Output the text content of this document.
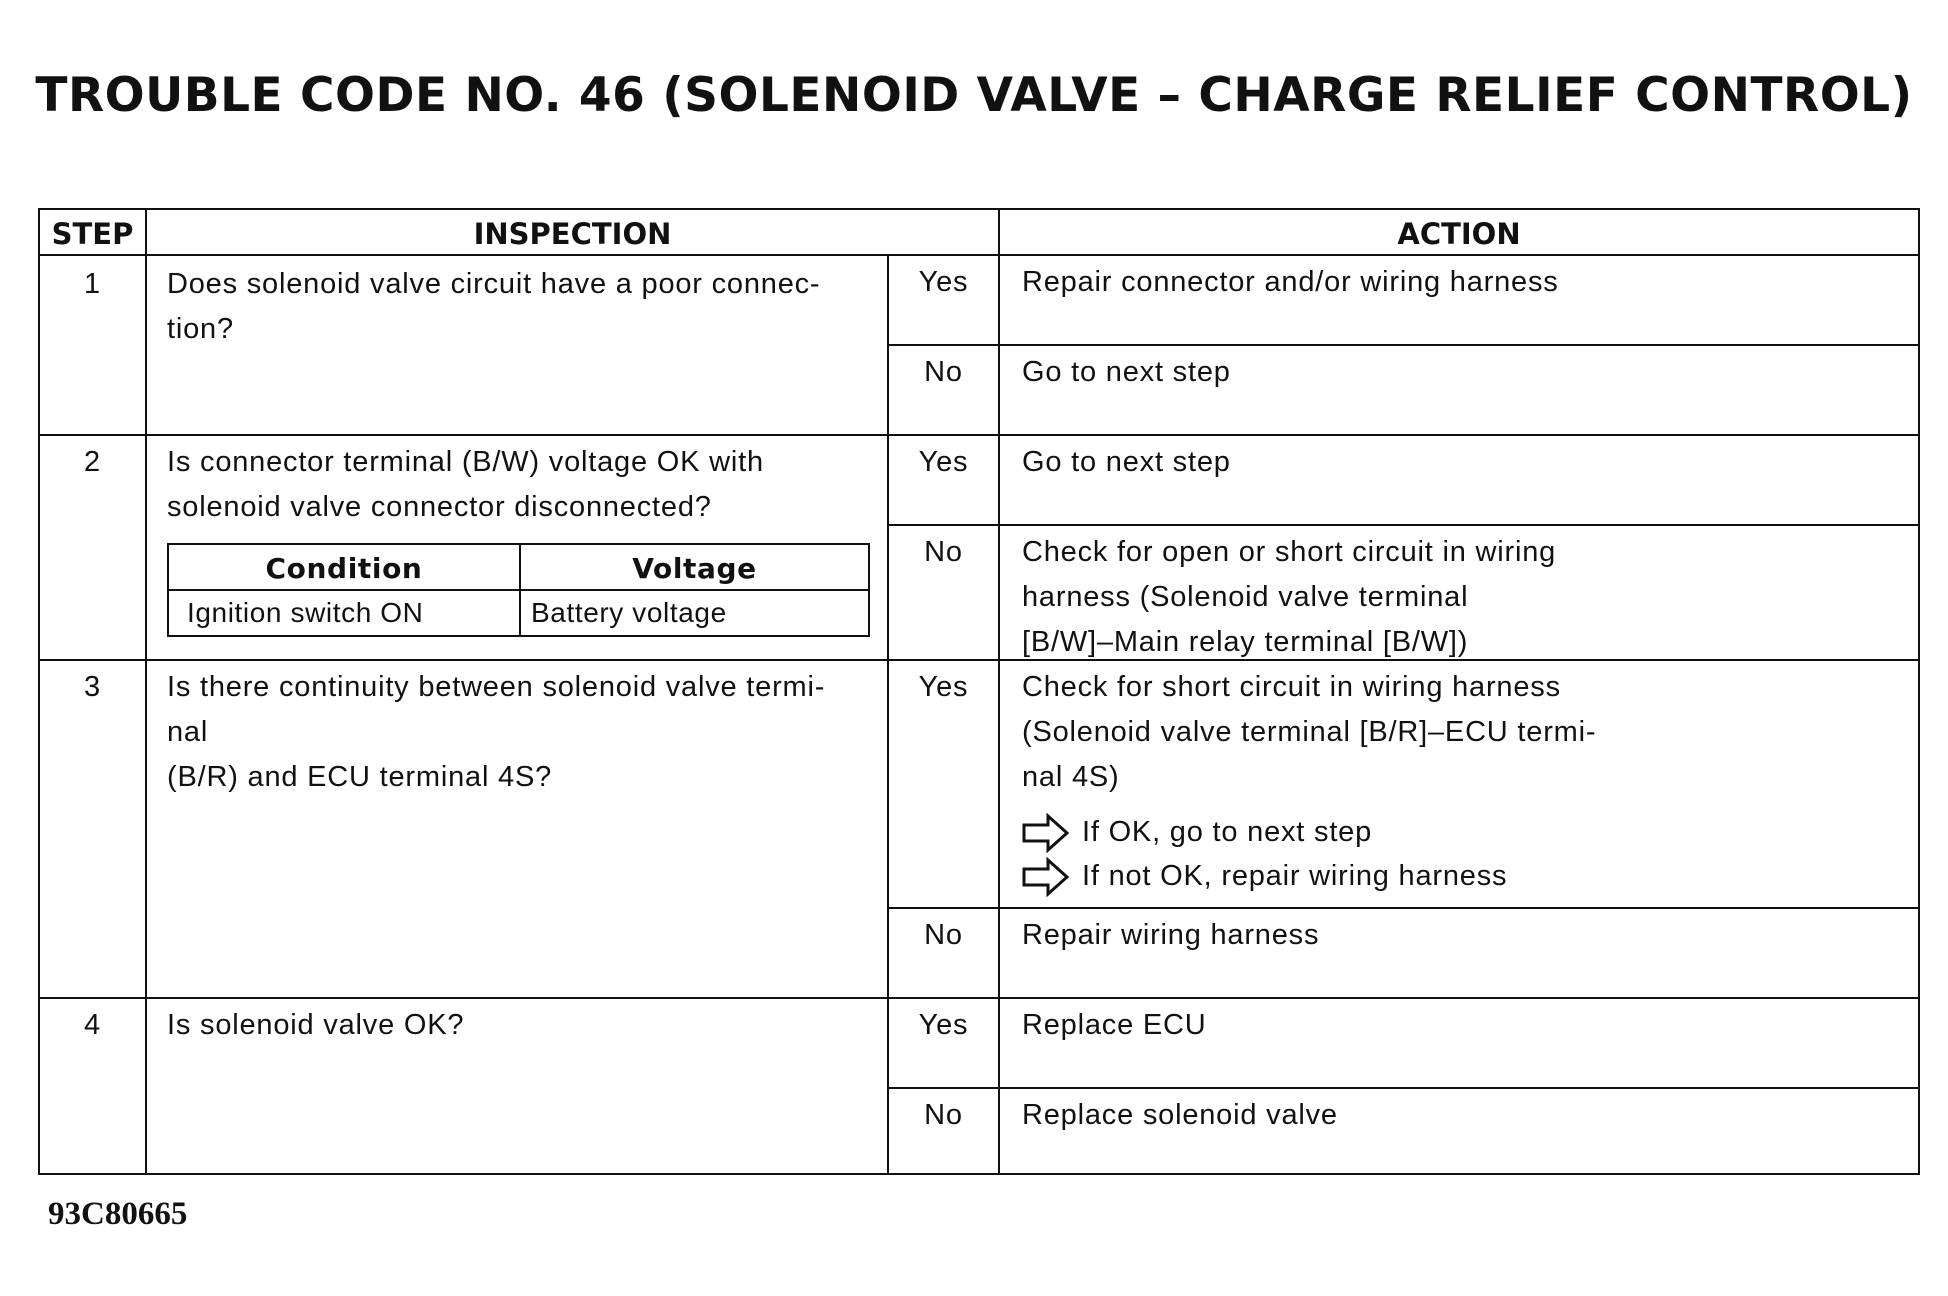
TROUBLE CODE NO. 46 (SOLENOID VALVE – CHARGE RELIEF CONTROL)
STEP	INSPECTION	ACTION
1	Does solenoid valve circuit have a poor connec-
tion?
Yes	Repair connector and/or wiring harness
No	Go to next step
2	Is connector terminal (B/W) voltage OK with
solenoid valve connector disconnected?
Condition	Voltage
Ignition switch ON	Battery voltage
Yes	Go to next step
No	Check for open or short circuit in wiring
harness (Solenoid valve terminal
[B/W]–Main relay terminal [B/W])
3	Is there continuity between solenoid valve termi-
nal
(B/R) and ECU terminal 4S?
Yes	Check for short circuit in wiring harness
(Solenoid valve terminal [B/R]–ECU termi-
nal 4S)
If OK, go to next step
If not OK, repair wiring harness
No	Repair wiring harness
4	Is solenoid valve OK?	Yes	Replace ECU
No	Replace solenoid valve
93C80665
